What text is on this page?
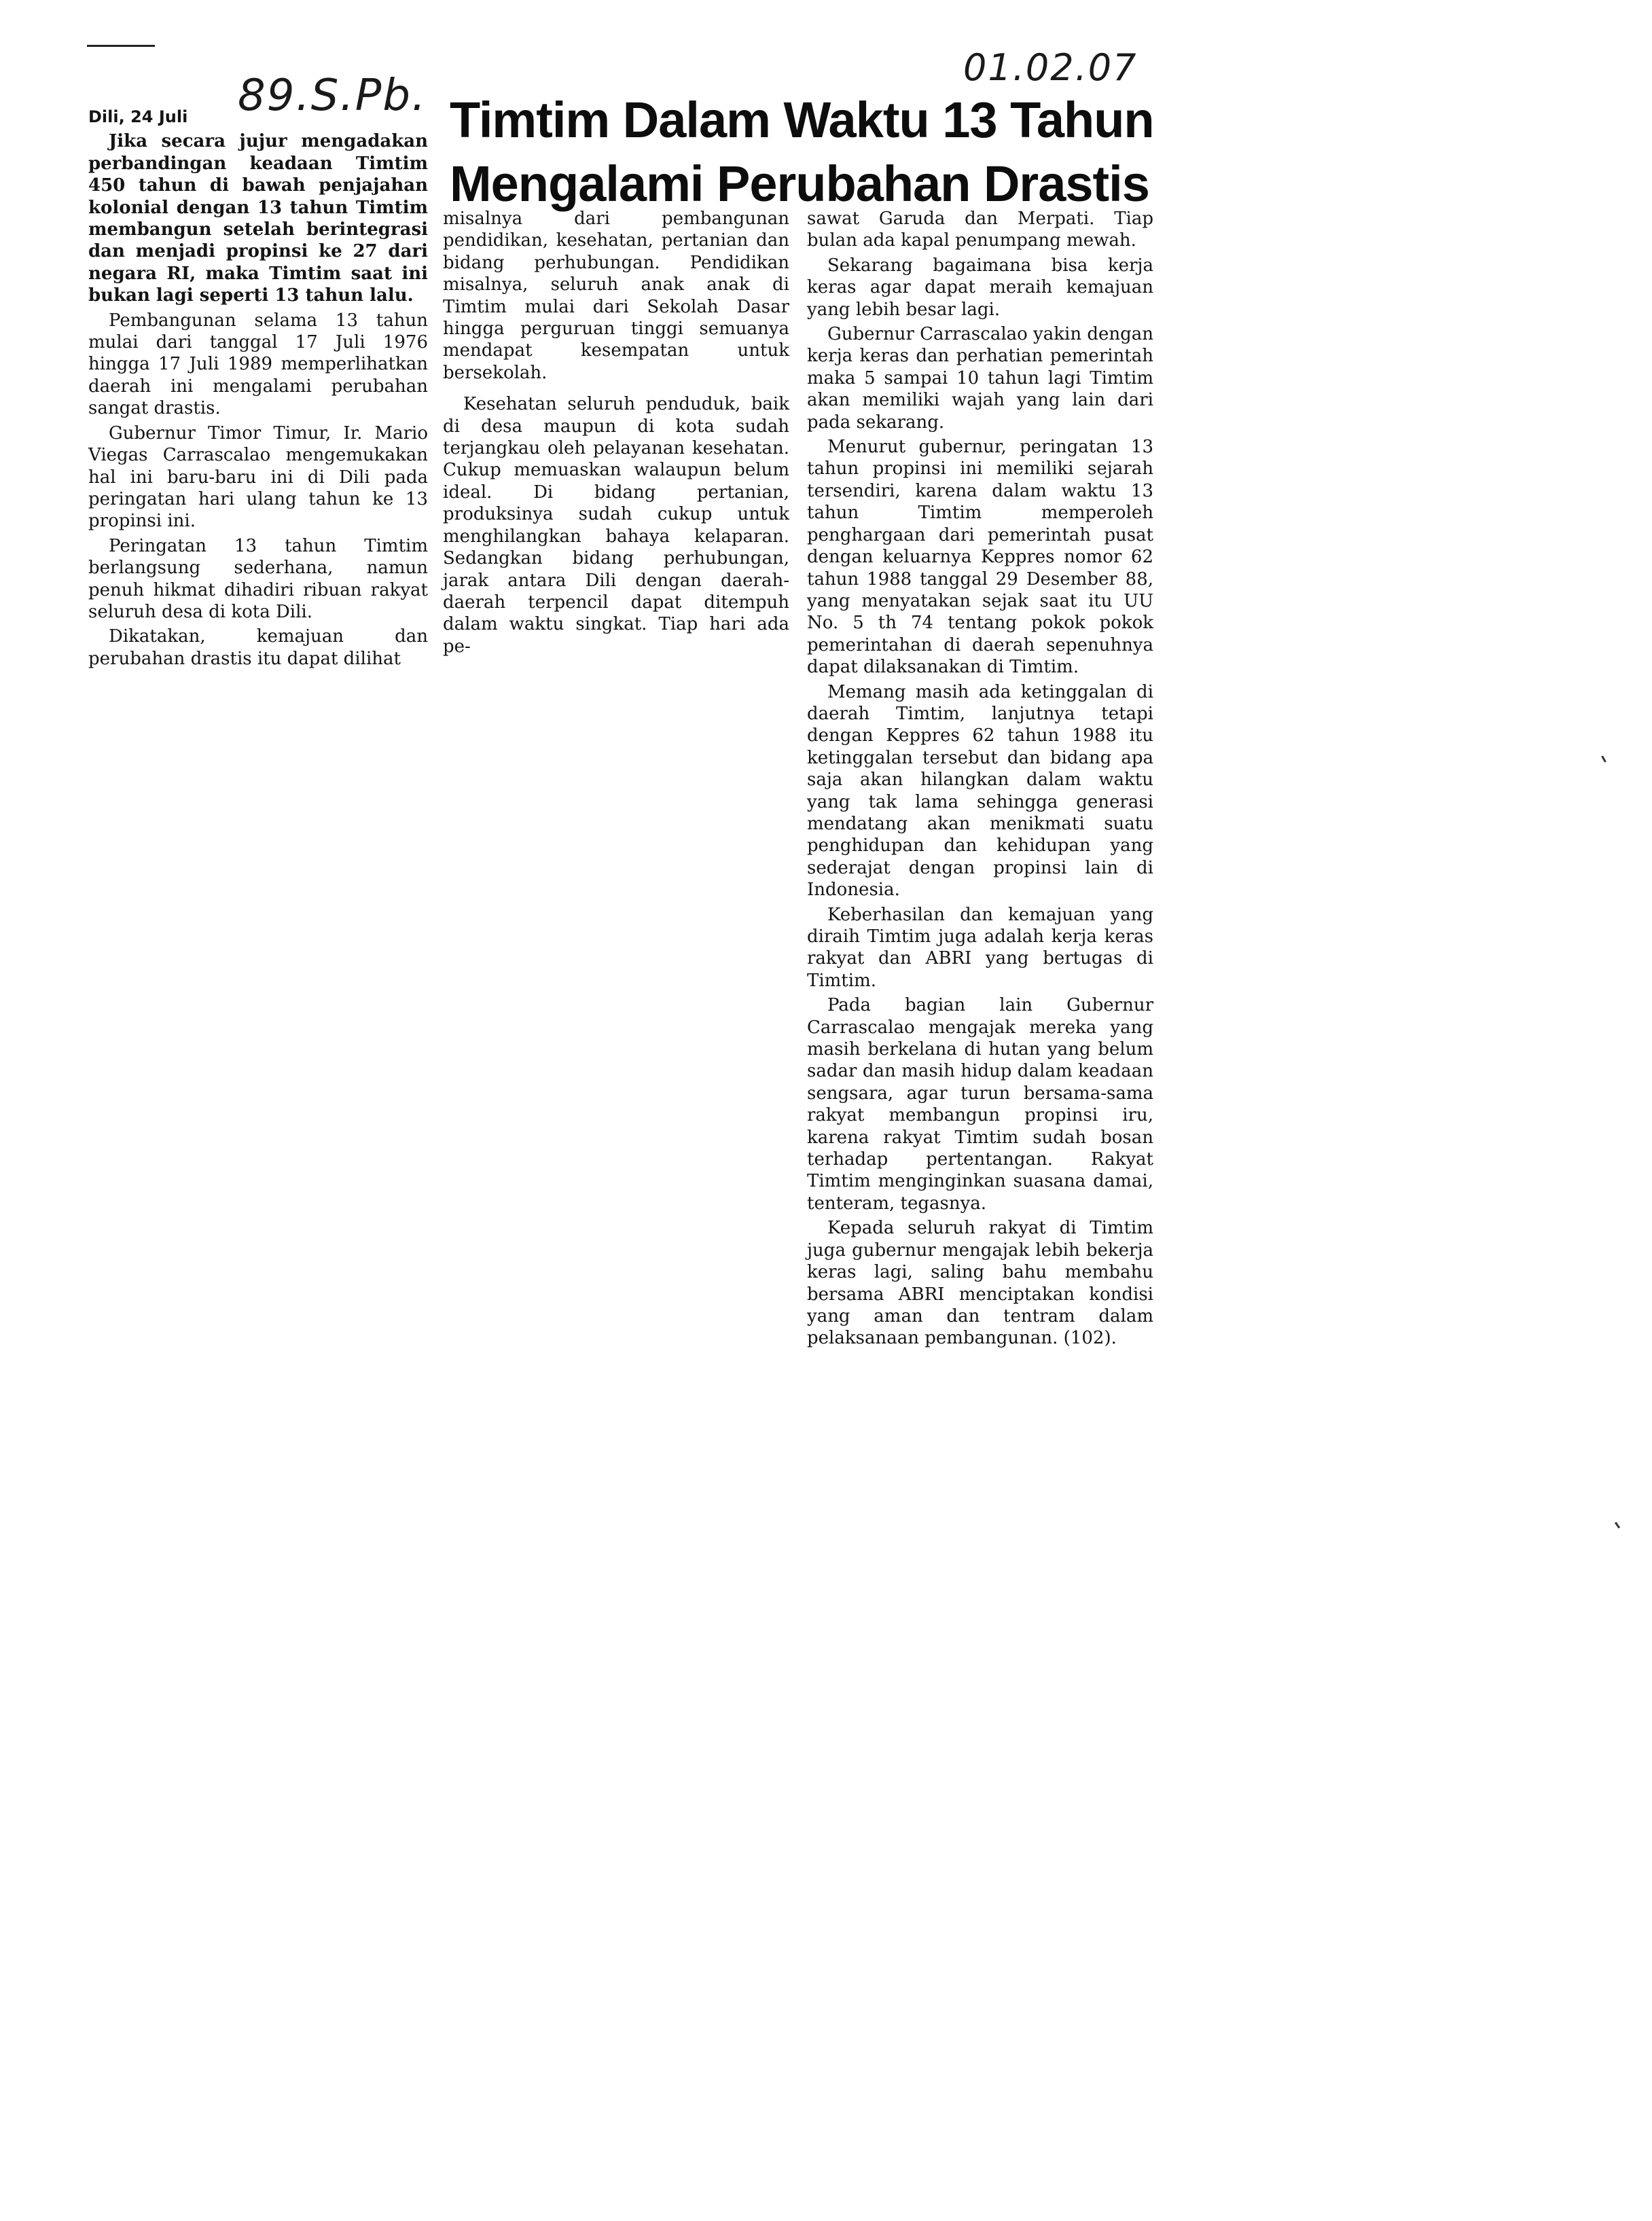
89.S.Pb.
01.02.07
Timtim Dalam Waktu 13 Tahun
Mengalami Perubahan Drastis

Dili, 24 Juli

Jika secara jujur mengadakan perbandingan keadaan Timtim 450 tahun di bawah penjajahan kolonial dengan 13 tahun Timtim membangun setelah berintegrasi dan menjadi propinsi ke 27 dari negara RI, maka Timtim saat ini bukan lagi seperti 13 tahun lalu.

Pembangunan selama 13 tahun mulai dari tanggal 17 Juli 1976 hingga 17 Juli 1989 memperlihatkan daerah ini mengalami perubahan sangat drastis.

Gubernur Timor Timur, Ir. Mario Viegas Carrascalao mengemukakan hal ini baru-baru ini di Dili pada peringatan hari ulang tahun ke 13 propinsi ini.

Peringatan 13 tahun Timtim berlangsung sederhana, namun penuh hikmat dihadiri ribuan rakyat seluruh desa di kota Dili.

Dikatakan, kemajuan dan perubahan drastis itu dapat dilihat

misalnya dari pembangunan pendidikan, kesehatan, pertanian dan bidang perhubungan. Pendidikan misalnya, seluruh anak anak di Timtim mulai dari Sekolah Dasar hingga perguruan tinggi semuanya mendapat kesempatan untuk bersekolah.

Kesehatan seluruh penduduk, baik di desa maupun di kota sudah terjangkau oleh pelayanan kesehatan. Cukup memuaskan walaupun belum ideal. Di bidang pertanian, produksinya sudah cukup untuk menghilangkan bahaya kelaparan. Sedangkan bidang perhubungan, jarak antara Dili dengan daerah-daerah terpencil dapat ditempuh dalam waktu singkat. Tiap hari ada pe-

sawat Garuda dan Merpati. Tiap bulan ada kapal penumpang mewah.

Sekarang bagaimana bisa kerja keras agar dapat meraih kemajuan yang lebih besar lagi.

Gubernur Carrascalao yakin dengan kerja keras dan perhatian pemerintah maka 5 sampai 10 tahun lagi Timtim akan memiliki wajah yang lain dari pada sekarang.

Menurut gubernur, peringatan 13 tahun propinsi ini memiliki sejarah tersendiri, karena dalam waktu 13 tahun Timtim memperoleh penghargaan dari pemerintah pusat dengan keluarnya Keppres nomor 62 tahun 1988 tanggal 29 Desember 88, yang menyatakan sejak saat itu UU No. 5 th 74 tentang pokok pokok pemerintahan di daerah sepenuhnya dapat dilaksanakan di Timtim.

Memang masih ada ketinggalan di daerah Timtim, lanjutnya tetapi dengan Keppres 62 tahun 1988 itu ketinggalan tersebut dan bidang apa saja akan hilangkan dalam waktu yang tak lama sehingga generasi mendatang akan menikmati suatu penghidupan dan kehidupan yang sederajat dengan propinsi lain di Indonesia.

Keberhasilan dan kemajuan yang diraih Timtim juga adalah kerja keras rakyat dan ABRI yang bertugas di Timtim.

Pada bagian lain Gubernur Carrascalao mengajak mereka yang masih berkelana di hutan yang belum sadar dan masih hidup dalam keadaan sengsara, agar turun bersama-sama rakyat membangun propinsi iru, karena rakyat Timtim sudah bosan terhadap pertentangan. Rakyat Timtim menginginkan suasana damai, tenteram, tegasnya.

Kepada seluruh rakyat di Timtim juga gubernur mengajak lebih bekerja keras lagi, saling bahu membahu bersama ABRI menciptakan kondisi yang aman dan tentram dalam pelaksanaan pembangunan. (102).
